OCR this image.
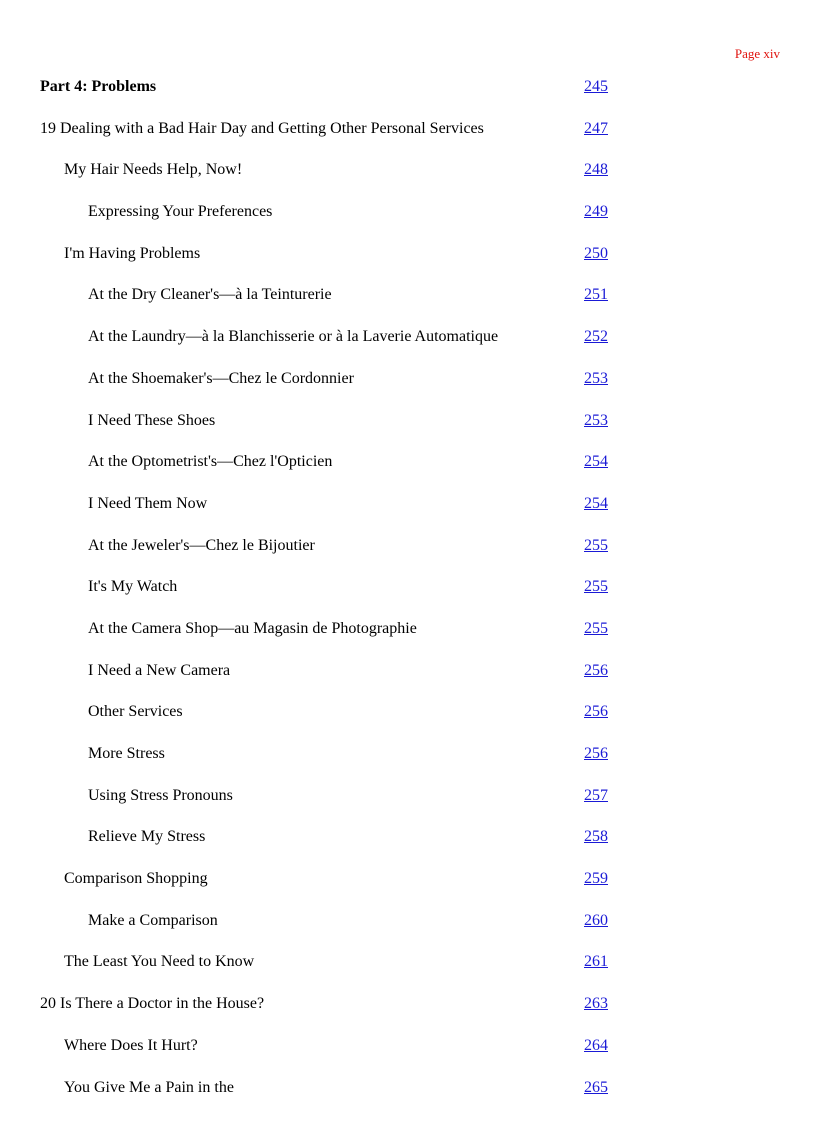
Page xiv
Part 4: Problems	245
19 Dealing with a Bad Hair Day and Getting Other Personal Services	247
My Hair Needs Help, Now!	248
Expressing Your Preferences	249
I'm Having Problems	250
At the Dry Cleaner's—à la Teinturerie	251
At the Laundry—à la Blanchisserie or à la Laverie Automatique	252
At the Shoemaker's—Chez le Cordonnier	253
I Need These Shoes	253
At the Optometrist's—Chez l'Opticien	254
I Need Them Now	254
At the Jeweler's—Chez le Bijoutier	255
It's My Watch	255
At the Camera Shop—au Magasin de Photographie	255
I Need a New Camera	256
Other Services	256
More Stress	256
Using Stress Pronouns	257
Relieve My Stress	258
Comparison Shopping	259
Make a Comparison	260
The Least You Need to Know	261
20 Is There a Doctor in the House?	263
Where Does It Hurt?	264
You Give Me a Pain in the	265
